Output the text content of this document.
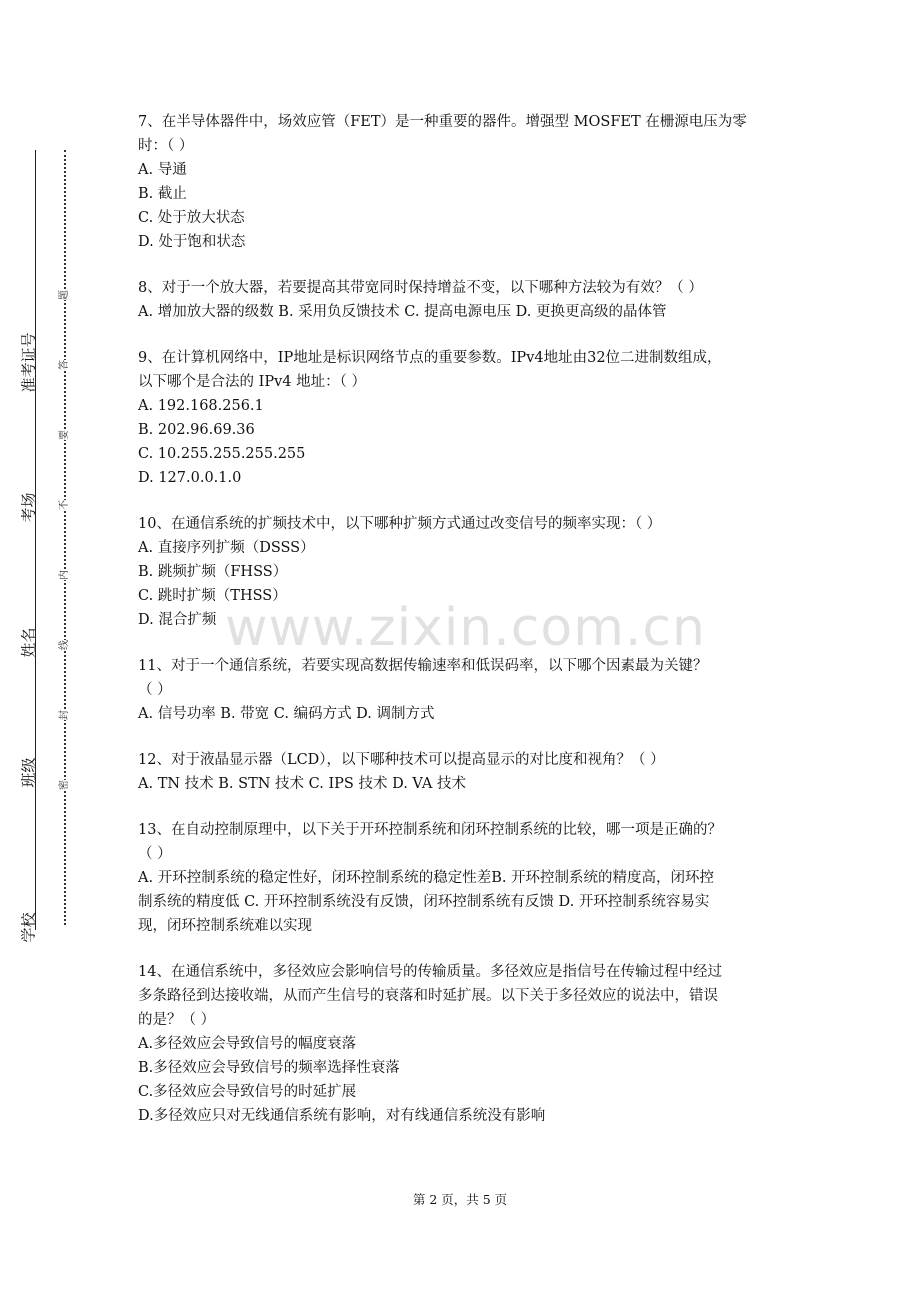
学校
班级
姓名
考场
准考证号
密
封
线
内
不
要
答
题
7、在半导体器件中，场效应管（FET）是一种重要的器件。增强型 MOSFET 在栅源电压为零
时：（ ）
A. 导通
B. 截止
C. 处于放大状态
D. 处于饱和状态
8、对于一个放大器，若要提高其带宽同时保持增益不变，以下哪种方法较为有效？（ ）
A. 增加放大器的级数 B. 采用负反馈技术 C. 提高电源电压 D. 更换更高级的晶体管
9、在计算机网络中，IP地址是标识网络节点的重要参数。IPv4地址由32位二进制数组成，
以下哪个是合法的 IPv4 地址：（ ）
A. 192.168.256.1
B. 202.96.69.36
C. 10.255.255.255.255
D. 127.0.0.1.0
10、在通信系统的扩频技术中，以下哪种扩频方式通过改变信号的频率实现：（ ）
A. 直接序列扩频（DSSS）
B. 跳频扩频（FHSS）
C. 跳时扩频（THSS）
D. 混合扩频
11、对于一个通信系统，若要实现高数据传输速率和低误码率，以下哪个因素最为关键？
（ ）
A. 信号功率 B. 带宽 C. 编码方式 D. 调制方式
12、对于液晶显示器（LCD），以下哪种技术可以提高显示的对比度和视角？（ ）
A. TN 技术 B. STN 技术 C. IPS 技术 D. VA 技术
13、在自动控制原理中，以下关于开环控制系统和闭环控制系统的比较，哪一项是正确的？
（ ）
A. 开环控制系统的稳定性好，闭环控制系统的稳定性差B. 开环控制系统的精度高，闭环控
制系统的精度低 C. 开环控制系统没有反馈，闭环控制系统有反馈 D. 开环控制系统容易实
现，闭环控制系统难以实现
14、在通信系统中，多径效应会影响信号的传输质量。多径效应是指信号在传输过程中经过
多条路径到达接收端，从而产生信号的衰落和时延扩展。以下关于多径效应的说法中，错误
的是？（ ）
A.多径效应会导致信号的幅度衰落
B.多径效应会导致信号的频率选择性衰落
C.多径效应会导致信号的时延扩展
D.多径效应只对无线通信系统有影响，对有线通信系统没有影响
www.zixin.com.cn
第 2 页，共 5 页
